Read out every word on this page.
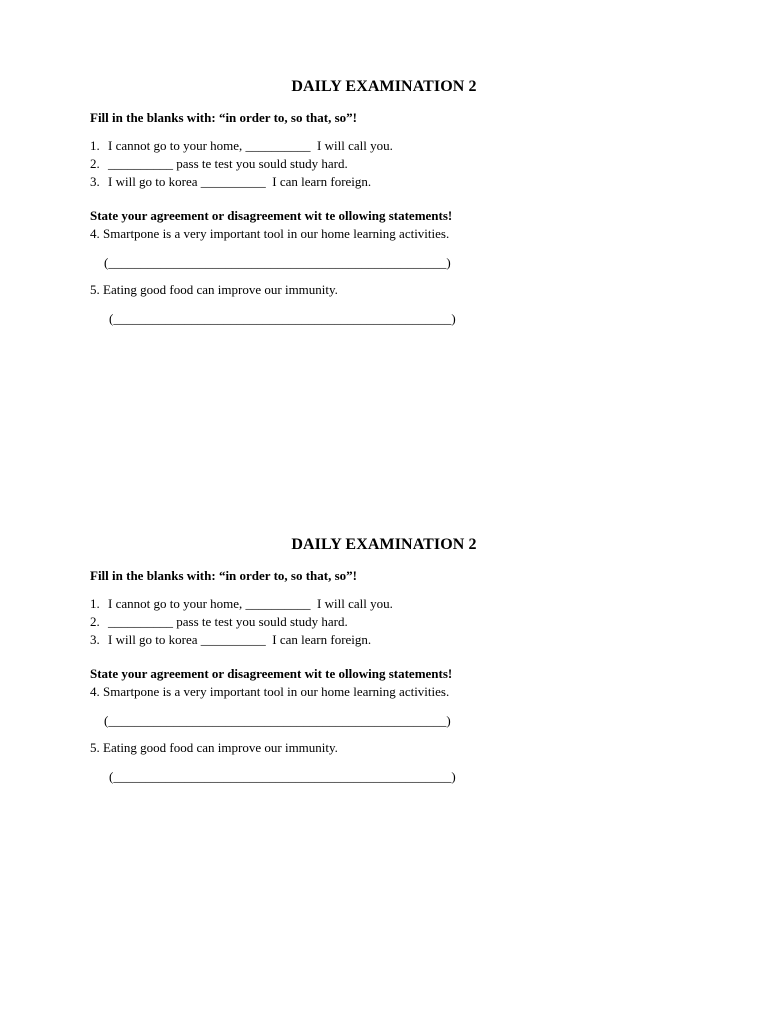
DAILY EXAMINATION 2
Fill in the blanks with: “in order to, so that, so”!
1. I cannot go to your home, __________  I will call you.
2. __________ pass te test you sould study hard.
3. I will go to korea __________  I can learn foreign.
State your agreement or disagreement wit te ollowing statements!
4. Smartpone is a very important tool in our home learning activities.
(____________________________________________________)
5. Eating good food can improve our immunity.
(____________________________________________________)
DAILY EXAMINATION 2
Fill in the blanks with: “in order to, so that, so”!
1. I cannot go to your home, __________  I will call you.
2. __________ pass te test you sould study hard.
3. I will go to korea __________  I can learn foreign.
State your agreement or disagreement wit te ollowing statements!
4. Smartpone is a very important tool in our home learning activities.
(____________________________________________________)
5. Eating good food can improve our immunity.
(____________________________________________________)
